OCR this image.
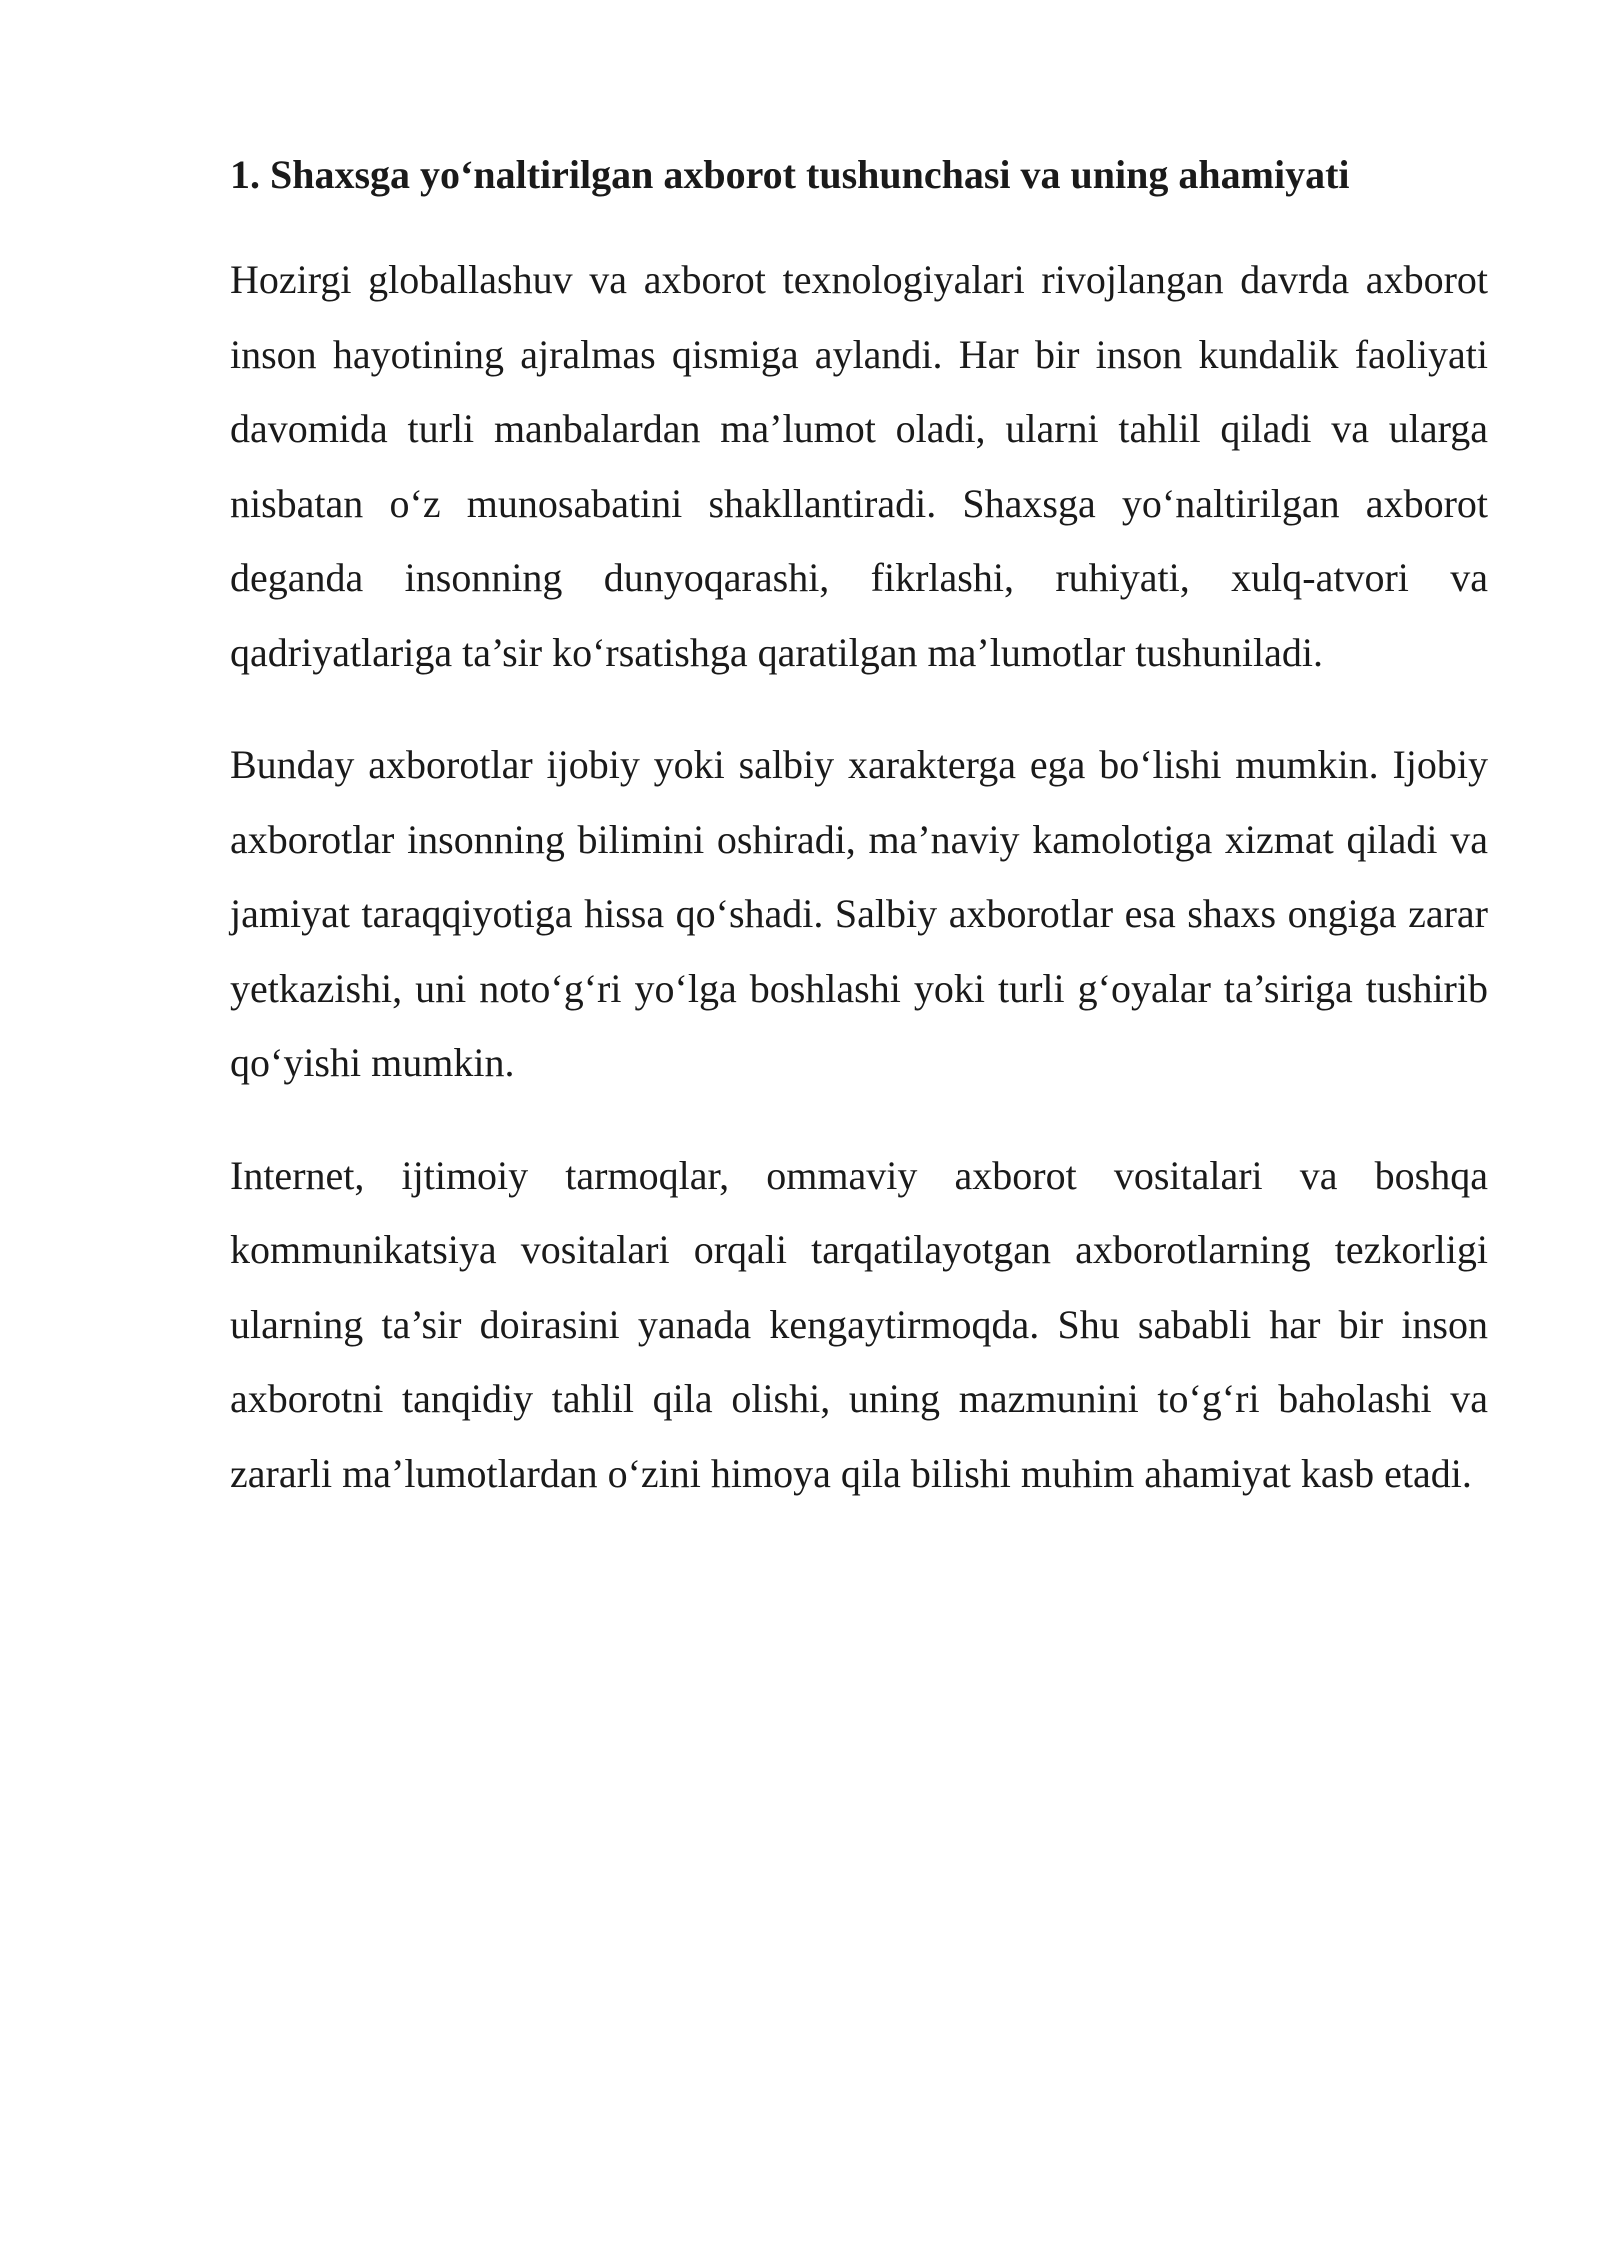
1. Shaxsga yo‘naltirilgan axborot tushunchasi va uning ahamiyati

Hozirgi globallashuv va axborot texnologiyalari rivojlangan davrda axborot inson hayotining ajralmas qismiga aylandi. Har bir inson kundalik faoliyati davomida turli manbalardan ma’lumot oladi, ularni tahlil qiladi va ularga nisbatan o‘z munosabatini shakllantiradi. Shaxsga yo‘naltirilgan axborot deganda insonning dunyoqarashi, fikrlashi, ruhiyati, xulq-atvori va qadriyatlariga ta’sir ko‘rsatishga qaratilgan ma’lumotlar tushuniladi.

Bunday axborotlar ijobiy yoki salbiy xarakterga ega bo‘lishi mumkin. Ijobiy axborotlar insonning bilimini oshiradi, ma’naviy kamolotiga xizmat qiladi va jamiyat taraqqiyotiga hissa qo‘shadi. Salbiy axborotlar esa shaxs ongiga zarar yetkazishi, uni noto‘g‘ri yo‘lga boshlashi yoki turli g‘oyalar ta’siriga tushirib qo‘yishi mumkin.

Internet, ijtimoiy tarmoqlar, ommaviy axborot vositalari va boshqa kommunikatsiya vositalari orqali tarqatilayotgan axborotlarning tezkorligi ularning ta’sir doirasini yanada kengaytirmoqda. Shu sababli har bir inson axborotni tanqidiy tahlil qila olishi, uning mazmunini to‘g‘ri baholashi va zararli ma’lumotlardan o‘zini himoya qila bilishi muhim ahamiyat kasb etadi.
